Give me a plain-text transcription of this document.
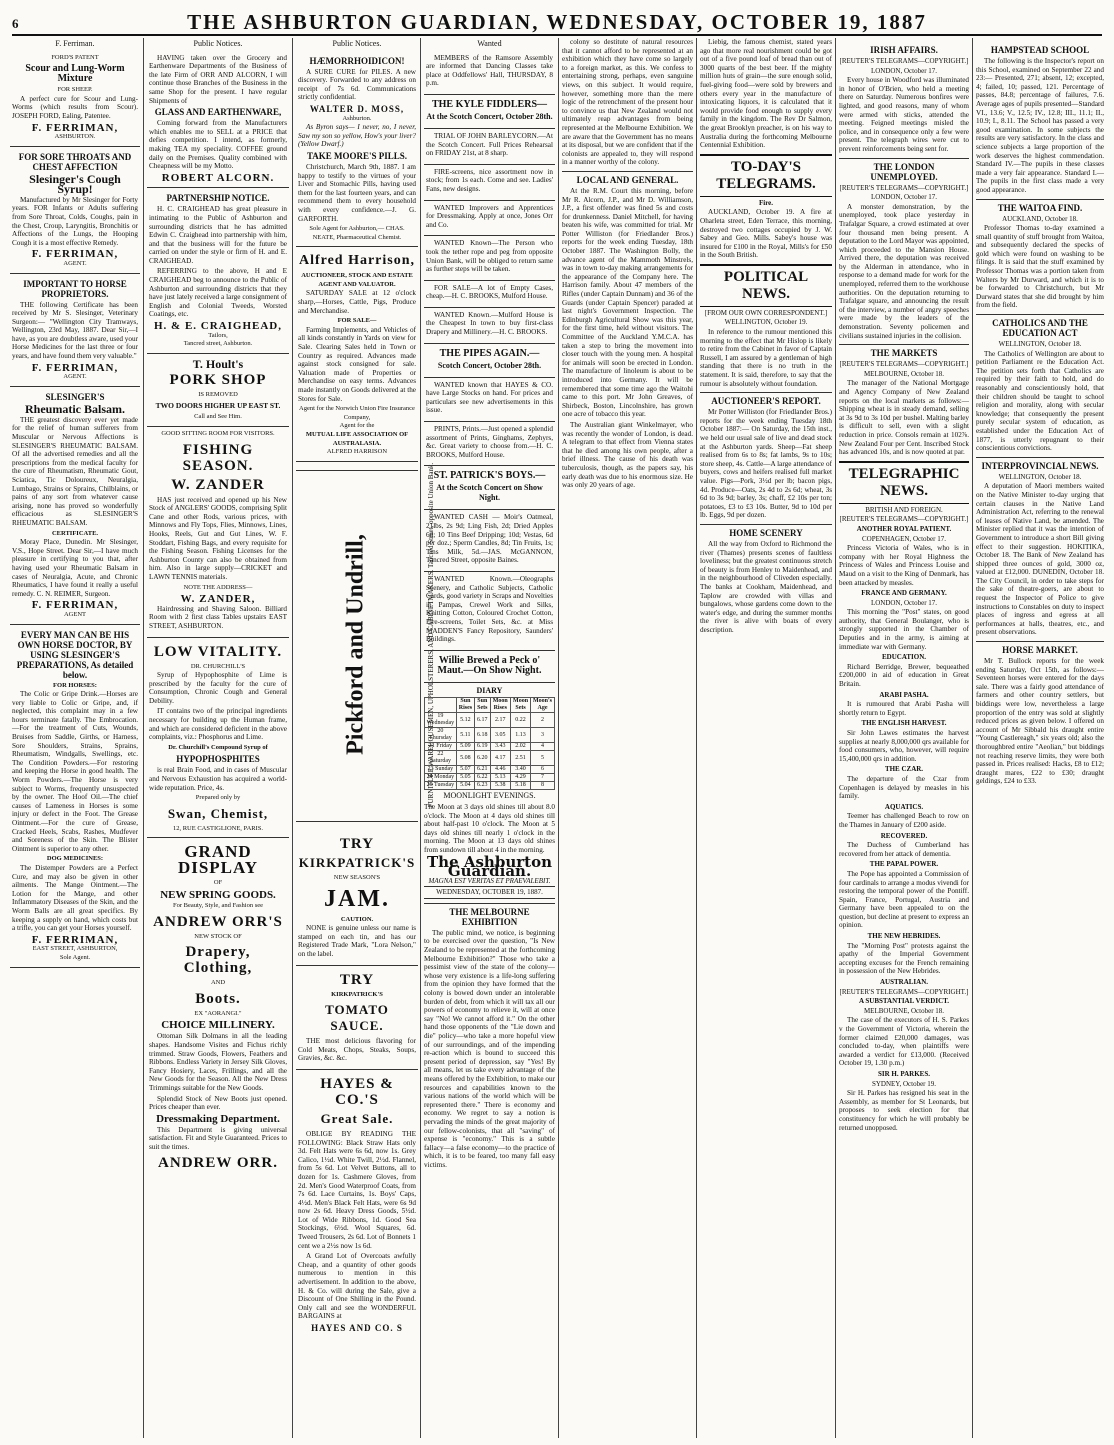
6	THE ASHBURTON GUARDIAN, WEDNESDAY, OCTOBER 19, 1887
F. Ferriman.
FORD'S PATENT
Scour and Lung-Worm Mixture
FOR SHEEP.

A perfect cure for Scour and Lung-Worms (which results from Scour). JOSEPH FORD, Ealing, Patentee.

F. FERRIMAN,
ASHBURTON.
FOR SORE THROATS AND CHEST AFFECTION
Slesinger's Cough Syrup!

Manufactured by Mr Slesinger for Forty years. FOR Infants or Adults suffering from Sore Throat, Colds, Coughs, pain in the Chest, Croup, Laryngitis, Bronchitis or Affections of the Lungs, the Hooping Cough it is a most effective Remedy.

F. FERRIMAN,
AGENT.
IMPORTANT TO HORSE PROPRIETORS.

THE following Certificate has been received by Mr S. Slesinger, Veterinary Surgeon:— "Wellington City Tramways, Wellington, 23rd May, 1887. Dear Sir,—I have, as you are doubtless aware, used your Horse Medicines for the last three or four years, and have found them very valuable."

F. FERRIMAN,
AGENT.
SLESINGER'S
Rheumatic Balsam.

THE greatest discovery ever yet made for the relief of human sufferers from Muscular or Nervous Affections is SLESINGER'S RHEUMATIC BALSAM. Of all the advertised remedies and all the prescriptions from the medical faculty for the cure of Rheumatism, Rheumatic Gout, Sciatica, Tic Doloureux, Neuralgia, Lumbago, Strains or Sprains, Chilblains, or pains of any sort from whatever cause arising, none has proved so wonderfully efficacious as SLESINGER'S RHEUMATIC BALSAM.

CERTIFICATE.

Moray Place, Dunedin. Mr Slesinger, V.S., Hope Street. Dear Sir,—I have much pleasure in certifying to you that, after having used your Rheumatic Balsam in cases of Neuralgia, Acute, and Chronic Rheumatics, I have found it really a useful remedy. C. N. REIMER, Surgeon.

F. FERRIMAN,
AGENT
EVERY MAN CAN BE HIS OWN HORSE DOCTOR, BY USING SLESINGER'S PREPARATIONS, As detailed below.
FOR HORSES:

The Colic or Gripe Drink.—Horses are very liable to Colic or Gripe, and, if neglected, this complaint may in a few hours terminate fatally. The Embrocation.—For the treatment of Cuts, Wounds, Bruises from Saddle, Girths, or Harness, Sore Shoulders, Strains, Sprains, Rheumatism, Windgalls, Swellings, etc. The Condition Powders.—For restoring and keeping the Horse in good health. The Worm Powders.—The Horse is very subject to Worms, frequently unsuspected by the owner. The Hoof Oil.—The chief causes of Lameness in Horses is some injury or defect in the Foot. The Grease Ointment.—For the cure of Grease, Cracked Heels, Scabs, Rashes, Mudfever and Soreness of the Skin. The Blister Ointment is superior to any other.

DOG MEDICINES:

The Distemper Powders are a Perfect Cure, and may also be given in other ailments. The Mange Ointment.—The Lotion for the Mange, and other Inflammatory Diseases of the Skin, and the Worm Balls are all great specifics. By keeping a supply on hand, which costs but a trifle, you can get your Horses yourself.

F. FERRIMAN,
EAST STREET, ASHBURTON,
Sole Agent.
Public Notices.

HAVING taken over the Grocery and Earthenware Departments of the Business of the late Firm of ORR AND ALCORN, I will continue those Branches of the Business in the same Shop for the present. I have regular Shipments of

GLASS AND EARTHENWARE,

Coming forward from the Manufacturers which enables me to SELL at a PRICE that defies competition. I intend, as formerly, making TEA my speciality. COFFEE ground daily on the Premises. Quality combined with Cheapness will be my Motto.

ROBERT ALCORN.
PARTNERSHIP NOTICE.

H. C. CRAIGHEAD has great pleasure in intimating to the Public of Ashburton and surrounding districts that he has admitted Edwin C. Craighead into partnership with him, and that the business will for the future be carried on under the style or firm of H. and E. CRAIGHEAD.

REFERRING to the above, H and E CRAIGHEAD beg to announce to the Public of Ashburton and surrounding districts that they have just lately received a large consignment of English and Colonial Tweeds, Worsted Coatings, etc.

H. & E. CRAIGHEAD,
Tailors,
Tancred street, Ashburton.
T. Hoult's
PORK SHOP
IS REMOVED
TWO DOORS HIGHER UP EAST ST.
Call and See Him.
GOOD SITTING ROOM FOR VISITORS.
FISHING SEASON.
W. ZANDER

HAS just received and opened up his New Stock of ANGLERS' GOODS, comprising Split Cane and other Rods, various prices, with Minnows and Fly Tops, Flies, Minnows, Lines, Hooks, Reels, Gut and Gut Lines, W. F. Stoddart, Fishing Bags, and every requisite for the Fishing Season. Fishing Licenses for the Ashburton County can also be obtained from him. Also in large supply—CRICKET and LAWN TENNIS materials.

NOTE THE ADDRESS—
W. ZANDER,

Hairdressing and Shaving Saloon. Billiard Room with 2 first class Tables upstairs EAST STREET, ASHBURTON.

LOW VITALITY.
DR. CHURCHILL'S

Syrup of Hypophosphite of Lime is prescribed by the faculty for the cure of Consumption, Chronic Cough and General Debility.

IT contains two of the principal ingredients necessary for building up the Human frame, and which are considered deficient in the above complaints, viz.: Phosphorus and Lime.

Dr. Churchill's Compound Syrup of
HYPOPHOSPHITES

is real Brain Food, and in cases of Muscular and Nervous Exhaustion has acquired a world-wide reputation. Price, 4s.

Prepared only by
Swan, Chemist,
12, RUE CASTIGLIONE, PARIS.
GRAND DISPLAY
OF
NEW SPRING GOODS.
For Beauty, Style, and Fashion see
ANDREW ORR'S
NEW STOCK OF
Drapery, Clothing,
AND
Boots.
EX "AORANGI."
CHOICE MILLINERY.

Ottoman Silk Dolmans in all the leading shapes. Handsome Visites and Fichus richly trimmed. Straw Goods, Flowers, Feathers and Ribbons. Endless Variety in Jersey Silk Gloves, Fancy Hosiery, Laces, Frillings, and all the New Goods for the Season. All the New Dress Trimmings suitable for the New Goods.

Splendid Stock of New Boots just opened. Prices cheaper than ever.

Dressmaking Department.

This Department is giving universal satisfaction. Fit and Style Guaranteed. Prices to suit the times.

ANDREW ORR.
Public Notices.
HÆMORRHOIDICON!

A SURE CURE for PILES. A new discovery. Forwarded to any address on receipt of 7s 6d. Communications strictly confidential.

WALTER D. MOSS,
Ashburton.

As Byron says— I never, no, I never, Saw my son so yellow, How's your liver? (Yellow Dwarf.)

TAKE MOORE'S PILLS.

Christchurch, March 9th, 1887. I am happy to testify to the virtues of your Liver and Stomachic Pills, having used them for the last fourteen years, and can recommend them to every household with every confidence.—J. G. GARFORTH.

Sole Agent for Ashburton,— CHAS. NEATE, Pharmaceutical Chemist.
Alfred Harrison,
AUCTIONEER, STOCK AND ESTATE AGENT AND VALUATOR.

SATURDAY SALE at 12 o'clock sharp,—Horses, Cattle, Pigs, Produce and Merchandise.

FOR SALE—

Farming Implements, and Vehicles of all kinds constantly in Yards on view for Sale. Clearing Sales held in Town or Country as required. Advances made against stock consigned for sale. Valuation made of Properties or Merchandise on easy terms. Advances made instantly on Goods delivered at the Stores for Sale.

Agent for the Norwich Union Fire Insurance Company,
Agent for the
MUTUAL LIFE ASSOCIATION OF AUSTRALASIA.
ALFRED HARRISON
Pickford and Undrill,	FURNITURE WAREHOUSEMEN, UPHOLSTERERS, AND CABINETMAKERS. Tancred Street, opposite Union Bank.
TRY
KIRKPATRICK'S
NEW SEASON'S
JAM.
CAUTION.

NONE is genuine unless our name is stamped on each tin, and has our Registered Trade Mark, "Lora Nelson," on the label.

TRY
KIRKPATRICK'S
TOMATO SAUCE.

THE most delicious flavoring for Cold Meats, Chops, Steaks, Soups, Gravies, &c. &c.

HAYES & CO.'S
Great Sale.

OBLIGE BY READING THE FOLLOWING: Black Straw Hats only 3d. Felt Hats were 6s 6d, now 1s. Grey Calico, 1½d. White Twill, 2½d. Flannel, from 5s 6d. Lot Velvet Buttons, all to dozen for 1s. Cashmere Gloves, from 2d. Men's Good Waterproof Coats, from 7s 6d. Lace Curtains, 1s. Boys' Caps, 4½d. Men's Black Felt Hats, were 6s 9d now 2s 6d. Heavy Dress Goods, 5½d. Lot of Wide Ribbons, 1d. Good Sea Stockings, 6½d. Wool Squares, 6d. Tweed Trousers, 2s 6d. Lot of Bonnets 1 cent we a 2½s now 1s 6d.

A Grand Lot of Overcoats awfully Cheap, and a quantity of other goods numerous to mention in this advertisement. In addition to the above, H. & Co. will during the Sale, give a Discount of One Shilling in the Pound. Only call and see the WONDERFUL BARGAINS at

HAYES AND CO. S
Wanted

MEMBERS of the Ramsore Assembly are informed that Dancing Classes take place at Oddfellows' Hall, THURSDAY, 8 p.m.

THE KYLE FIDDLERS—
At the Scotch Concert, October 28th.

TRIAL OF JOHN BARLEYCORN.—At the Scotch Concert. Full Prices Rehearsal on FRIDAY 21st, at 8 sharp.

FIRE-screens, nice assortment now in stock; from 1s each. Come and see. Ladies' Fans, new designs.

WANTED Improvers and Apprentices for Dressmaking. Apply at once, Jones Orr and Co.

WANTED Known—The Person who took the tether rope and peg from opposite Union Bank, will be obliged to return same as further steps will be taken.

FOR SALE—A lot of Empty Cases, cheap.—H. C. BROOKS, Mulford House.

WANTED Known.—Mulford House is the Cheapest In town to buy first-class Drapery and Millinery.—H. C. BROOKS.

THE PIPES AGAIN.—
Scotch Concert, October 28th.

WANTED known that HAYES & CO. have Large Stocks on hand. For prices and particulars see new advertisements in this issue.

PRINTS, Prints.—Just opened a splendid assortment of Prints, Ginghams, Zephyrs, &c. Great variety to choose from.—H. C. BROOKS, Mulford House.

ST. PATRICK'S BOYS.—
At the Scotch Concert on Show Night.

WANTED CASH — Moir's Oatmeal, 21lbs, 2s 9d; Ling Fish, 2d; Dried Apples 6d; 10 Tins Beef Dripping; 10d; Vestas, 6d per doz.; Sperm Candles, 8d; Tin Fruits, 1s; Tins Milk, 5d.—JAS. McGANNON, Tancred Street, opposite Baines.

WANTED Known.—Oleographs Scenery, and Catholic Subjects, Catholic Cards, good variety in Scraps and Novelties in Pampas, Crewel Work and Silks, Knitting Cotton, Coloured Crochet Cotton, Fire-screens, Toilet Sets, &c. at Miss MADDEN'S Fancy Repository, Saunders' Buildings.

Willie Brewed a Peck o' Maut.—On Show Night.
DIARY
	Sun Rises	Sun Sets	Moon Rises	Moon Sets	Moon's Age
19 Wednesday	5.12	6.17	2.17	0.22	2
20 Thursday	5.11	6.18	3.05	1.13	3
21 Friday	5.09	6.19	3.43	2.02	4
22 Saturday	5.08	6.20	4.17	2.51	5
23 Sunday	5.07	6.21	4.46	3.40	6
24 Monday	5.05	6.22	5.13	4.29	7
25 Tuesday	5.04	6.23	5.38	5.18	8
MOONLIGHT EVENINGS.

The Moon at 3 days old shines till about 8.0 o'clock. The Moon at 4 days old shines till about half-past 10 o'clock. The Moon at 5 days old shines till nearly 1 o'clock in the morning. The Moon at 13 days old shines from sundown till about 4 in the morning.

The Ashburton Guardian.
MAGNA EST VERITAS ET PRAEVALEBIT.
WEDNESDAY, OCTOBER 19, 1887.
THE MELBOURNE EXHIBITION

The public mind, we notice, is beginning to be exercised over the question, "Is New Zealand to be represented at the forthcoming Melbourne Exhibition?" Those who take a pessimist view of the state of the colony—whose very existence is a life-long suffering from the opinion they have formed that the colony is bowed down under an intolerable burden of debt, from which it will tax all our powers of economy to relieve it, will at once say "No! We cannot afford it." On the other hand those opponents of the "Lie down and die" policy—who take a more hopeful view of our surroundings, and of the impending re-action which is bound to succeed this present period of depression, say "Yes! By all means, let us take every advantage of the means offered by the Exhibition, to make our resources and capabilities known to the various nations of the world which will be represented there." There is economy and economy. We regret to say a notion is pervading the minds of the great majority of our fellow-colonists, that all "saving" of expense is "economy." This is a subtle fallacy—a false economy—to the practice of which, it is to be feared, too many fall easy victims.

colony so destitute of natural resources that it cannot afford to be represented at an exhibition which they have come so largely to a foreign market, as this. We confess to entertaining strong, perhaps, even sanguine views, on this subject. It would require, however, something more than the mere logic of the retrenchment of the present hour to convince us that New Zealand would not ultimately reap advantages from being represented at the Melbourne Exhibition. We are aware that the Government has no means at its disposal, but we are confident that if the colonists are appealed to, they will respond in a manner worthy of the colony.

LOCAL AND GENERAL.

At the R.M. Court this morning, before Mr R. Alcorn, J.P., and Mr D. Williamson, J.P., a first offender was fined 5s and costs for drunkenness. Daniel Mitchell, for having beaten his wife, was committed for trial. Mr Potter Williston (for Friedlander Bros.) reports for the week ending Tuesday, 18th October 1887. The Washington Bolly, the advance agent of the Mammoth Minstrels, was in town to-day making arrangements for the appearance of the Company here. The Harrison family. About 47 members of the Rifles (under Captain Dunnam) and 36 of the Guards (under Captain Spencer) paraded at last night's Government Inspection. The Edinburgh Agricultural Show was this year, for the first time, held without visitors. The Committee of the Auckland Y.M.C.A. has taken a step to bring the movement into closer touch with the young men. A hospital for animals will soon be erected in London. The manufacture of linoleum is about to be introduced into Germany. It will be remembered that some time ago the Waitohi came to this port. Mr John Greaves, of Shirbeck, Boston, Lincolnshire, has grown one acre of tobacco this year.

The Australian giant Winkelmayer, who was recently the wonder of London, is dead. A telegram to that effect from Vienna states that he died among his own people, after a brief illness. The cause of his death was tuberculosis, though, as the papers say, his early death was due to his enormous size. He was only 20 years of age.

Liebig, the famous chemist, stated years ago that more real nourishment could be got out of a five pound loaf of bread than out of 3000 quarts of the best beer. If the mighty million huts of grain—the sure enough solid, fuel-giving food—were sold by brewers and others every year in the manufacture of intoxicating liquors, it is calculated that it would provide food enough to supply every family in the kingdom. The Rev Dr Salmon, the great Brooklyn preacher, is on his way to Australia during the forthcoming Melbourne Centennial Exhibition.

TO-DAY'S TELEGRAMS.
Fire.

AUCKLAND, October 19. A fire at Oharleta street, Eden Terrace, this morning, destroyed two cottages occupied by J. W. Sabey and Geo. Mills. Sabey's house was insured for £100 in the Royal, Mills's for £50 in the South British.

POLITICAL NEWS.
[FROM OUR OWN CORRESPONDENT.]
WELLINGTON, October 19.

In reference to the rumour mentioned this morning to the effect that Mr Hislop is likely to retire from the Cabinet in favor of Captain Russell, I am assured by a gentleman of high standing that there is no truth in the statement. It is said, therefore, to say that the rumour is absolutely without foundation.

AUCTIONEER'S REPORT.

Mr Potter Williston (for Friedlander Bros.) reports for the week ending Tuesday 18th October 1887:— On Saturday, the 15th inst., we held our usual sale of live and dead stock at the Ashburton yards. Sheep—Fat sheep realised from 6s to 8s; fat lambs, 9s to 10s; store sheep, 4s. Cattle—A large attendance of buyers, cows and heifers realised full market value. Pigs—Pork, 3½d per lb; bacon pigs, 4d. Produce—Oats, 2s 4d to 2s 6d; wheat, 3s 6d to 3s 9d; barley, 3s; chaff, £2 10s per ton; potatoes, £3 to £3 10s. Butter, 9d to 10d per lb. Eggs, 9d per dozen.

HOME SCENERY

All the way from Oxford to Richmond the river (Thames) presents scenes of faultless loveliness; but the greatest continuous stretch of beauty is from Henley to Maidenhead, and in the neighbourhood of Cliveden especially. The banks at Cookham, Maidenhead, and Taplow are crowded with villas and bungalows, whose gardens come down to the water's edge, and during the summer months the river is alive with boats of every description.

IRISH AFFAIRS.
[REUTER'S TELEGRAMS—COPYRIGHT.]
LONDON, October 17.

Every house in Woodford was illuminated in honor of O'Brien, who held a meeting there on Saturday. Numerous bonfires were lighted, and good reasons, many of whom were armed with sticks, attended the meeting. Feigned meetings misled the police, and in consequence only a few were present. The telegraph wires were cut to prevent reinforcements being sent for.

THE LONDON UNEMPLOYED.
[REUTER'S TELEGRAMS—COPYRIGHT.]
LONDON, October 17.

A monster demonstration, by the unemployed, took place yesterday in Trafalgar Square, a crowd estimated at over four thousand men being present. A deputation to the Lord Mayor was appointed, which proceeded to the Mansion House. Arrived there, the deputation was received by the Alderman in attendance, who in response to a demand made for work for the unemployed, referred them to the workhouse authorities. On the deputation returning to Trafalgar square, and announcing the result of the interview, a number of angry speeches were made by the leaders of the demonstration. Seventy policemen and civilians sustained injuries in the collision.

THE MARKETS
[REUTER'S TELEGRAMS—COPYRIGHT.]
MELBOURNE, October 18.

The manager of the National Mortgage and Agency Company of New Zealand reports on the local markets as follows:—Shipping wheat is in steady demand, selling at 3s 9d to 3s 10d per bushel. Malting barley is difficult to sell, even with a slight reduction in price. Consols remain at 102⅞. New Zealand Four per Cent. Inscribed Stock has advanced 10s, and is now quoted at par.

TELEGRAPHIC NEWS.
BRITISH AND FOREIGN.
[REUTER'S TELEGRAMS—COPYRIGHT.]
ANOTHER ROYAL PATIENT.
COPENHAGEN, October 17.

Princess Victoria of Wales, who is in company with her Royal Highness the Princess of Wales and Princess Louise and Maud on a visit to the King of Denmark, has been attacked by measles.

FRANCE AND GERMANY.
LONDON, October 17.

This morning the "Post" states, on good authority, that General Boulanger, who is strongly supported in the Chamber of Deputies and in the army, is aiming at immediate war with Germany.

EDUCATION.

Richard Berridge, Brewer, bequeathed £200,000 in aid of education in Great Britain.

ARABI PASHA.

It is rumoured that Arabi Pasha will shortly return to Egypt.

THE ENGLISH HARVEST.

Sir John Lawes estimates the harvest supplies at nearly 8,000,000 qrs available for food consumers, who, however, will require 15,400,000 qrs in addition.

THE CZAR.

The departure of the Czar from Copenhagen is delayed by measles in his family.

AQUATICS.

Teemer has challenged Beach to row on the Thames in January of £200 aside.

RECOVERED.

The Duchess of Cumberland has recovered from her attack of dementia.

THE PAPAL POWER.

The Pope has appointed a Commission of four cardinals to arrange a modus vivendi for restoring the temporal power of the Pontiff. Spain, France, Portugal, Austria and Germany have been appealed to on the question, but decline at present to express an opinion.

THE NEW HEBRIDES.

The "Morning Post" protests against the apathy of the Imperial Government accepting excuses for the French remaining in possession of the New Hebrides.

AUSTRALIAN.
[REUTER'S TELEGRAMS—COPYRIGHT.]
A SUBSTANTIAL VERDICT.
MELBOURNE, October 18.

The case of the executors of H. S. Parkes v the Government of Victoria, wherein the former claimed £20,000 damages, was concluded to-day, when plaintiffs were awarded a verdict for £13,000. (Received October 19, 1.30 p.m.)

SIR H. PARKES.
SYDNEY, October 19.

Sir H. Parkes has resigned his seat in the Assembly, as member for St Leonards, but proposes to seek election for that constituency for which he will probably be returned unopposed.

HAMPSTEAD SCHOOL

The following is the Inspector's report on this School, examined on September 22 and 23:— Presented, 271; absent, 12; excepted, 4; failed, 10; passed, 121. Percentage of passes, 84.8; percentage of failures, 7.6. Average ages of pupils presented—Standard VI., 13.6; V., 12.5; IV., 12.8; III., 11.1; II., 10.9; I., 8.11. The School has passed a very good examination. In some subjects the results are very satisfactory. In the class and science subjects a large proportion of the work deserves the highest commendation. Standard IV.—The pupils in these classes made a very fair appearance. Standard I.—The pupils in the first class made a very good appearance.

THE WAITOA FIND.
AUCKLAND, October 18.

Professor Thomas to-day examined a small quantity of stuff brought from Waitoa, and subsequently declared the specks of gold which were found on washing to be filings. It is said that the stuff examined by Professor Thomas was a portion taken from Walters by Mr Durward, and which it is to be forwarded to Christchurch, but Mr Durward states that she did brought by him from the field.

CATHOLICS AND THE EDUCATION ACT
WELLINGTON, October 18.

The Catholics of Wellington are about to petition Parliament re the Education Act. The petition sets forth that Catholics are required by their faith to hold, and do reasonably and conscientiously hold, that their children should be taught to school religion and morality, along with secular knowledge; that consequently the present purely secular system of education, as established under the Education Act of 1877, is utterly repugnant to their conscientious convictions.

INTERPROVINCIAL NEWS.
WELLINGTON, October 18.

A deputation of Maori members waited on the Native Minister to-day urging that certain clauses in the Native Land Administration Act, referring to the renewal of leases of Native Land, be amended. The Minister replied that it was the intention of Government to introduce a short Bill giving effect to their suggestion. HOKITIKA, October 18. The Bank of New Zealand has shipped three ounces of gold, 3000 oz, valued at £12,000. DUNEDIN, October 18. The City Council, in order to take steps for the sake of theatre-goers, are about to request the Inspector of Police to give instructions to Constables on duty to inspect places of ingress and egress at all performances at halls, theatres, etc., and present observations.

HORSE MARKET.

Mr T. Bullock reports for the week ending Saturday, Oct 15th, as follows:—Seventeen horses were entered for the days sale. There was a fairly good attendance of farmers and other country settlers, but biddings were low, nevertheless a large proportion of the entry was sold at slightly reduced prices as given below. I offered on account of Mr Sibbald his draught entire "Young Castlereagh," six years old; also the thoroughbred entire "Aeolian," but biddings not reaching reserve limits, they were both passed in. Prices realised: Hacks, £8 to £12; draught mares, £22 to £30; draught geldings, £24 to £33.
